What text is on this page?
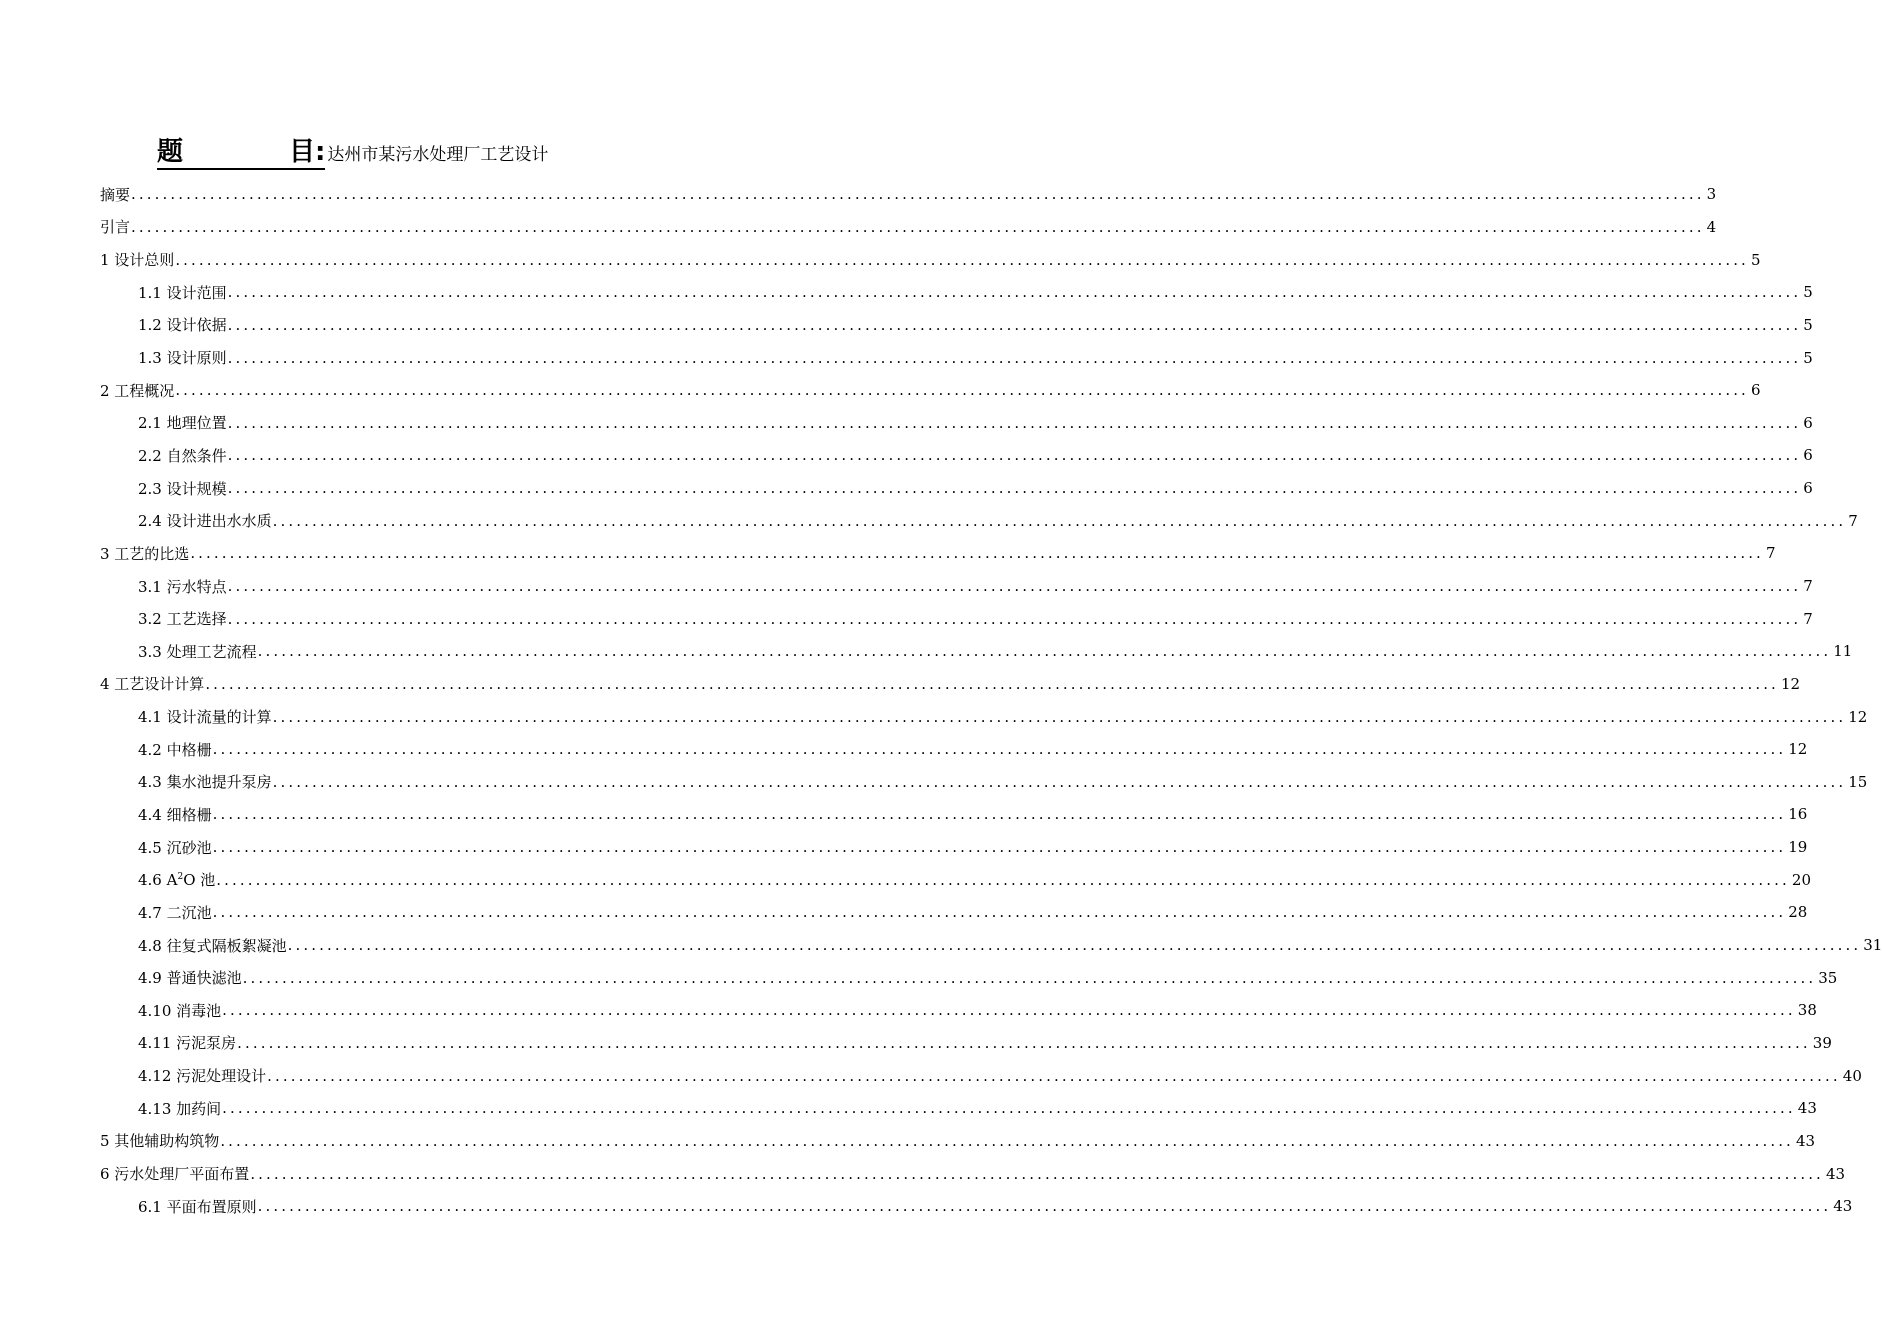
题	目: 达州市某污水处理厂工艺设计
摘要 ........................................................................................................................................................................................................ 3
引言 ........................................................................................................................................................................................................ 4
1 设计总则 ........................................................................................................................................................................................................ 5
1.1 设计范围 ........................................................................................................................................................................................................ 5
1.2 设计依据 ........................................................................................................................................................................................................ 5
1.3 设计原则 ........................................................................................................................................................................................................ 5
2 工程概况 ........................................................................................................................................................................................................ 6
2.1 地理位置 ........................................................................................................................................................................................................ 6
2.2 自然条件 ........................................................................................................................................................................................................ 6
2.3 设计规模 ........................................................................................................................................................................................................ 6
2.4 设计进出水水质 ........................................................................................................................................................................................................ 7
3 工艺的比选 ........................................................................................................................................................................................................ 7
3.1 污水特点 ........................................................................................................................................................................................................ 7
3.2 工艺选择 ........................................................................................................................................................................................................ 7
3.3 处理工艺流程 ........................................................................................................................................................................................................ 11
4 工艺设计计算 ........................................................................................................................................................................................................ 12
4.1 设计流量的计算 ........................................................................................................................................................................................................ 12
4.2 中格栅 ........................................................................................................................................................................................................ 12
4.3 集水池提升泵房 ........................................................................................................................................................................................................ 15
4.4 细格栅 ........................................................................................................................................................................................................ 16
4.5 沉砂池 ........................................................................................................................................................................................................ 19
4.6 $A^2O$ 池 ........................................................................................................................................................................................................ 20
4.7 二沉池 ........................................................................................................................................................................................................ 28
4.8 往复式隔板絮凝池 ........................................................................................................................................................................................................ 31
4.9 普通快滤池 ........................................................................................................................................................................................................ 35
4.10 消毒池 ........................................................................................................................................................................................................ 38
4.11 污泥泵房 ........................................................................................................................................................................................................ 39
4.12 污泥处理设计 ........................................................................................................................................................................................................ 40
4.13 加药间 ........................................................................................................................................................................................................ 43
5 其他辅助构筑物 ........................................................................................................................................................................................................ 43
6 污水处理厂平面布置 ........................................................................................................................................................................................................ 43
6.1 平面布置原则 ........................................................................................................................................................................................................ 43
